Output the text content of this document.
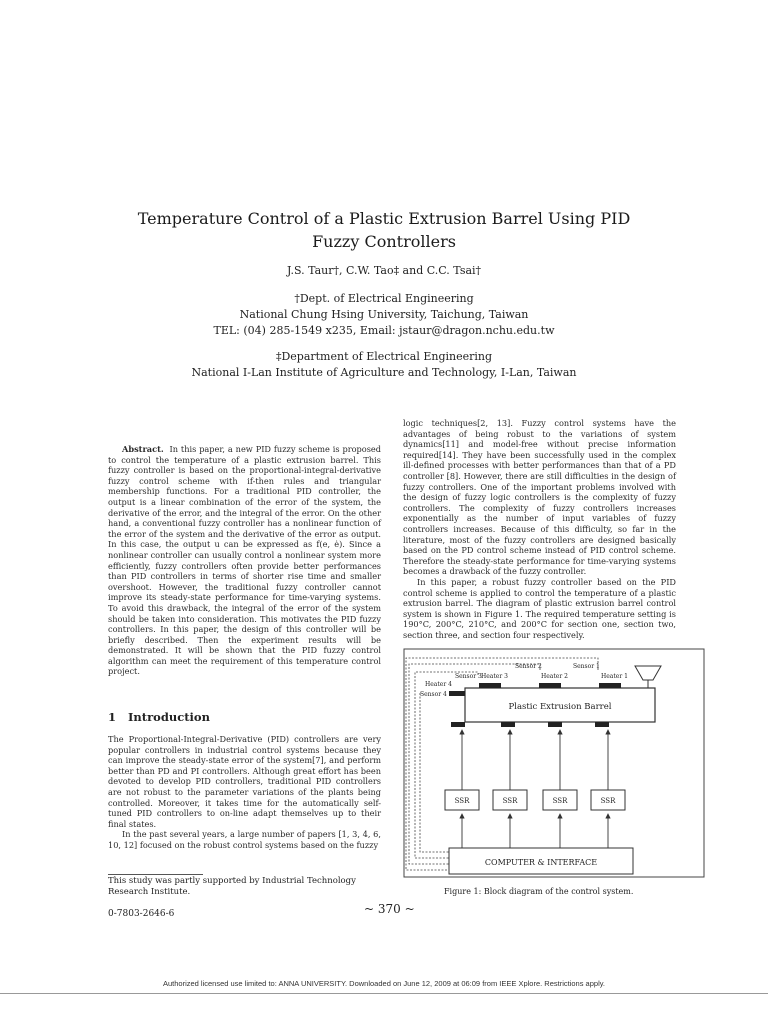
Temperature Control of a Plastic Extrusion Barrel Using PID
Fuzzy Controllers
J.S. Taur†, C.W. Tao‡ and C.C. Tsai†
†Dept. of Electrical Engineering
National Chung Hsing University, Taichung, Taiwan
TEL: (04) 285-1549 x235, Email: jstaur@dragon.nchu.edu.tw
‡Department of Electrical Engineering
National I-Lan Institute of Agriculture and Technology, I-Lan, Taiwan

Abstract. In this paper, a new PID fuzzy scheme is proposed to control the temperature of a plastic extrusion barrel. This fuzzy controller is based on the proportional-integral-derivative fuzzy control scheme with if-then rules and triangular membership functions. For a traditional PID controller, the output is a linear combination of the error of the system, the derivative of the error, and the integral of the error. On the other hand, a conventional fuzzy controller has a nonlinear function of the error of the system and the derivative of the error as output. In this case, the output u can be expressed as f(e, ė). Since a nonlinear controller can usually control a nonlinear system more efficiently, fuzzy controllers often provide better performances than PID controllers in terms of shorter rise time and smaller overshoot. However, the traditional fuzzy controller cannot improve its steady-state performance for time-varying systems. To avoid this drawback, the integral of the error of the system should be taken into consideration. This motivates the PID fuzzy controllers. In this paper, the design of this controller will be briefly described. Then the experiment results will be demonstrated. It will be shown that the PID fuzzy control algorithm can meet the requirement of this temperature control project.

1 Introduction

The Proportional-Integral-Derivative (PID) controllers are very popular controllers in industrial control systems because they can improve the steady-state error of the system[7], and perform better than PD and PI controllers. Although great effort has been devoted to develop PID controllers, traditional PID controllers are not robust to the parameter variations of the plants being controlled. Moreover, it takes time for the automatically self-tuned PID controllers to on-line adapt themselves up to their final states.

In the past several years, a large number of papers [1, 3, 4, 6, 10, 12] focused on the robust control systems based on the fuzzy

This study was partly supported by Industrial Technology Research Institute.
0-7803-2646-6	~ 370 ~

logic techniques[2, 13]. Fuzzy control systems have the advantages of being robust to the variations of system dynamics[11] and model-free without precise information required[14]. They have been successfully used in the complex ill-defined processes with better performances than that of a PD controller [8]. However, there are still difficulties in the design of fuzzy controllers. One of the important problems involved with the design of fuzzy logic controllers is the complexity of fuzzy controllers. The complexity of fuzzy controllers increases exponentially as the number of input variables of fuzzy controllers increases. Because of this difficulty, so far in the literature, most of the fuzzy controllers are designed basically based on the PD control scheme instead of PID control scheme. Therefore the steady-state performance for time-varying systems becomes a drawback of the fuzzy controller.

In this paper, a robust fuzzy controller based on the PID control scheme is applied to control the temperature of a plastic extrusion barrel. The diagram of plastic extrusion barrel control system is shown in Figure 1. The required temperature setting is 190°C, 200°C, 210°C, and 200°C for section one, section two, section three, and section four respectively.

Plastic Extrusion Barrel
Heater 3	Heater 2	Heater 1
Heater 4
Sensor 3
Sensor 2	Sensor 1
Sensor 4
SSR	SSR	SSR	SSR
COMPUTER & INTERFACE
Figure 1: Block diagram of the control system.
Authorized licensed use limited to: ANNA UNIVERSITY. Downloaded on June 12, 2009 at 06:09 from IEEE Xplore. Restrictions apply.
